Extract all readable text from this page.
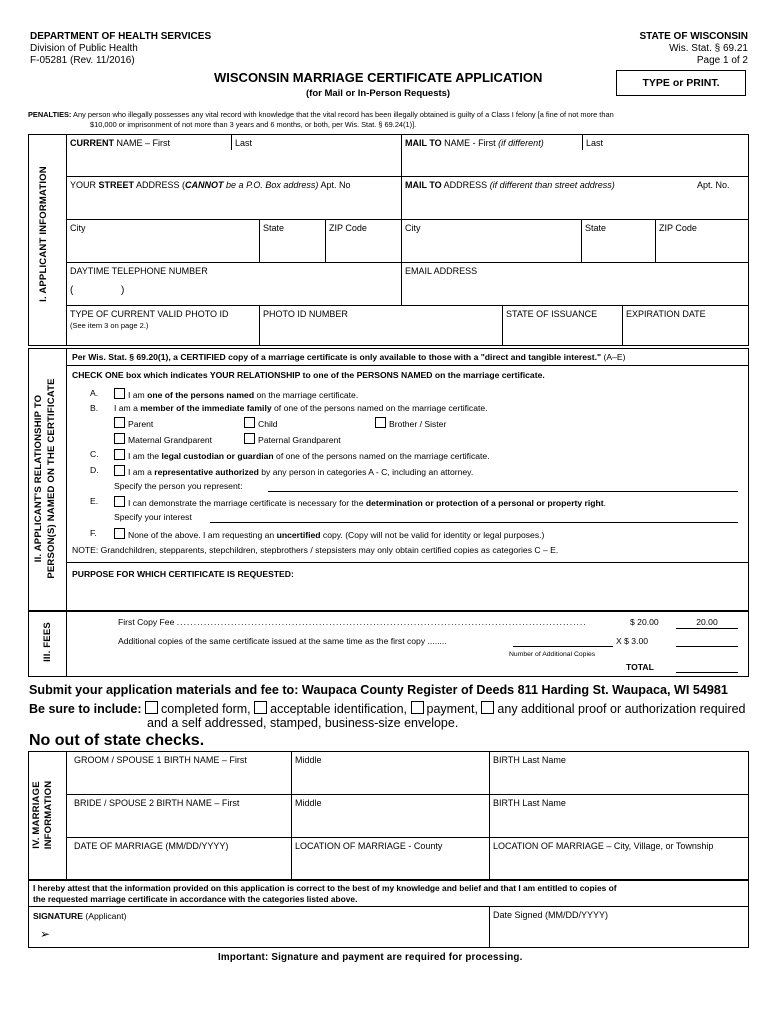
DEPARTMENT OF HEALTH SERVICES
Division of Public Health
F-05281 (Rev. 11/2016)
STATE OF WISCONSIN
Wis. Stat. § 69.21
Page 1 of 2
WISCONSIN MARRIAGE CERTIFICATE APPLICATION
(for Mail or In-Person Requests)
TYPE or PRINT.
PENALTIES: Any person who illegally possesses any vital record with knowledge that the vital record has been illegally obtained is guilty of a Class I felony [a fine of not more than
$10,000 or imprisonment of not more than 3 years and 6 months, or both, per Wis. Stat. § 69.24(1)].
I. APPLICANT INFORMATION
CURRENT NAME – First	Last	MAIL TO NAME - First (if different)	Last
YOUR STREET ADDRESS (CANNOT be a P.O. Box address) Apt. No	MAIL TO ADDRESS (if different than street address)	Apt. No.
City	State	ZIP Code	City	State	ZIP Code
DAYTIME TELEPHONE NUMBER
(	)
EMAIL ADDRESS
TYPE OF CURRENT VALID PHOTO ID
(See item 3 on page 2.)
PHOTO ID NUMBER	STATE OF ISSUANCE	EXPIRATION DATE
II. APPLICANT'S RELATIONSHIP TO PERSON(S) NAMED ON THE CERTIFICATE
Per Wis. Stat. § 69.20(1), a CERTIFIED copy of a marriage certificate is only available to those with a "direct and tangible interest." (A–E)
CHECK ONE box which indicates YOUR RELATIONSHIP to one of the PERSONS NAMED on the marriage certificate.
A.	I am one of the persons named on the marriage certificate.
B. I am a member of the immediate family of one of the persons named on the marriage certificate.
Parent	Child	Brother / Sister
Maternal Grandparent	Paternal Grandparent
C.	I am the legal custodian or guardian of one of the persons named on the marriage certificate.
D.	I am a representative authorized by any person in categories A - C, including an attorney.
Specify the person you represent:
E.	I can demonstrate the marriage certificate is necessary for the determination or protection of a personal or property right.
Specify your interest
F.	None of the above. I am requesting an uncertified copy. (Copy will not be valid for identity or legal purposes.)
NOTE: Grandchildren, stepparents, stepchildren, stepbrothers / stepsisters may only obtain certified copies as categories C – E.
PURPOSE FOR WHICH CERTIFICATE IS REQUESTED:
III. FEES
First Copy Fee .........................................................................................................................	$ 20.00	20.00
Additional copies of the same certificate issued at the same time as the first copy ........	X $ 3.00
Number of Additional Copies
TOTAL
Submit your application materials and fee to: Waupaca County Register of Deeds 811 Harding St. Waupaca, WI 54981
Be sure to include: completed form, acceptable identification, payment, any additional proof or authorization required
and a self addressed, stamped, business-size envelope.
No out of state checks.
IV. MARRIAGE
INFORMATION
GROOM / SPOUSE 1 BIRTH NAME – First	Middle	BIRTH Last Name
BRIDE / SPOUSE 2 BIRTH NAME – First	Middle	BIRTH Last Name
DATE OF MARRIAGE (MM/DD/YYYY)	LOCATION OF MARRIAGE - County	LOCATION OF MARRIAGE – City, Village, or Township
I hereby attest that the information provided on this application is correct to the best of my knowledge and belief and that I am entitled to copies of
the requested marriage certificate in accordance with the categories listed above.
SIGNATURE (Applicant)
➢
Date Signed (MM/DD/YYYY)
Important: Signature and payment are required for processing.
